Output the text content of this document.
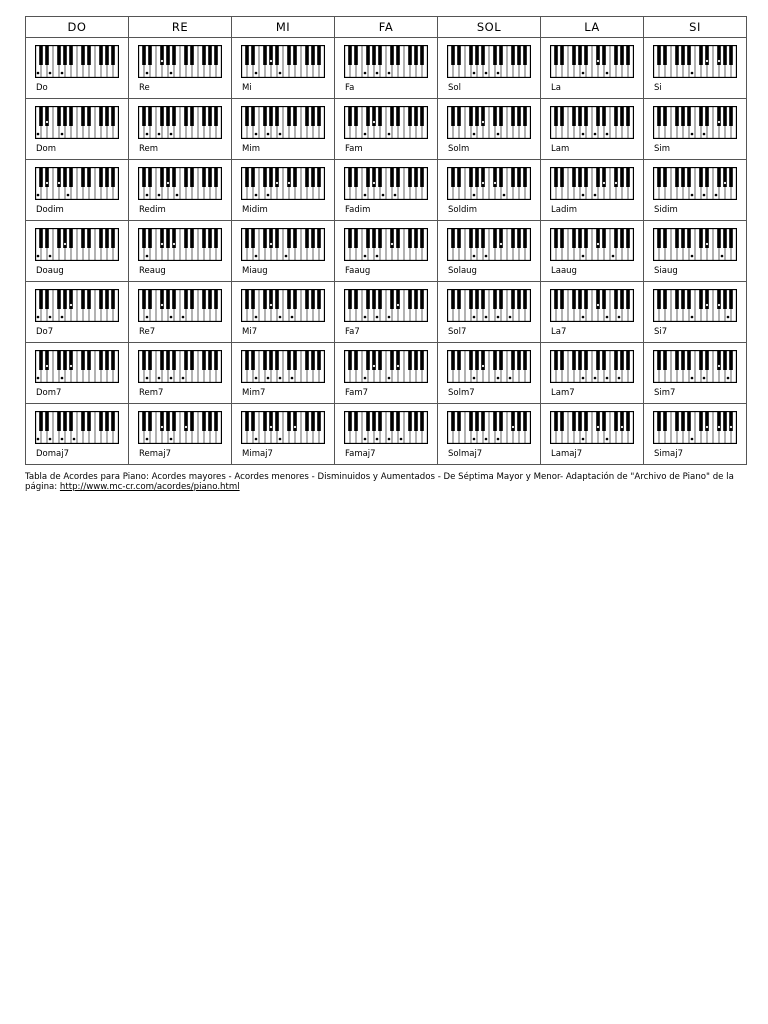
DO	RE	MI	FA	SOL	LA	SI

Do	Re	Mi	Fa	Sol	La	Si

Dom	Rem	Mim	Fam	Solm	Lam	Sim

Dodim	Redim	Midim	Fadim	Soldim	Ladim	Sidim

Doaug	Reaug	Miaug	Faaug	Solaug	Laaug	Siaug

Do7	Re7	Mi7	Fa7	Sol7	La7	Si7

Dom7	Rem7	Mim7	Fam7	Solm7	Lam7	Sim7

Domaj7	Remaj7	Mimaj7	Famaj7	Solmaj7	Lamaj7	Simaj7
Tabla de Acordes para Piano: Acordes mayores - Acordes menores - Disminuidos y Aumentados - De Séptima Mayor y Menor- Adaptación de "Archivo de Piano" de la página: http://www.mc-cr.com/acordes/piano.html
